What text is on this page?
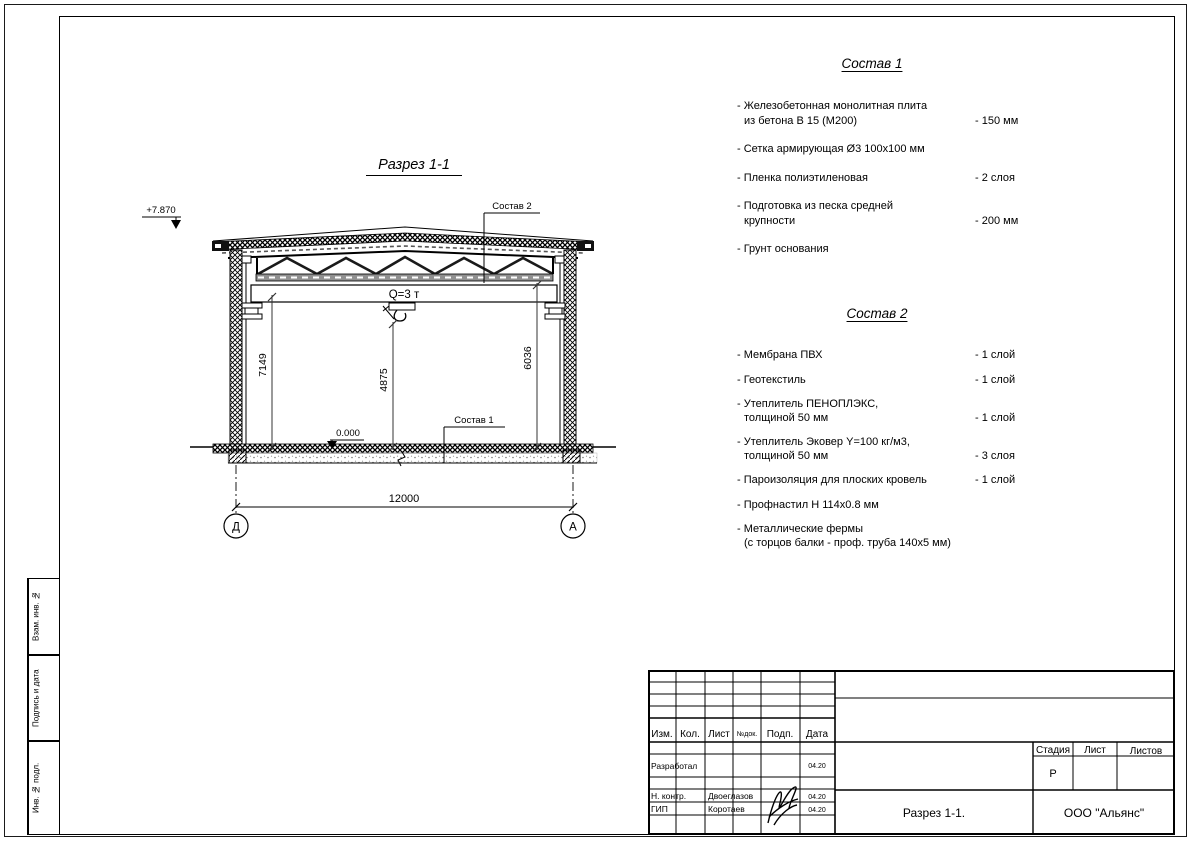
Взам. инв. №
Подпись и дата
Инв. № подл.
Q=3 т
Состав 2
Состав 1
+7.870
0.000
7149
4875
6036
12000
Д	А
Разрез 1-1
Состав 1
- Железобетонная монолитная плита
из бетона В 15 (М200)	- 150 мм
- Сетка армирующая Ø3 100х100 мм
- Пленка полиэтиленовая	- 2 слоя
- Подготовка из песка средней
крупности	- 200 мм
- Грунт основания
Состав 2
- Мембрана ПВХ	- 1 слой
- Геотекстиль	- 1 слой
- Утеплитель ПЕНОПЛЭКС,
толщиной 50 мм	- 1 слой
- Утеплитель Эковер Y=100 кг/м3,
толщиной 50 мм	- 3 слоя
- Пароизоляция для плоских кровель	- 1 слой
- Профнастил Н 114х0.8 мм
- Металлические фермы
(с торцов балки - проф. труба 140х5 мм)
Изм. Кол. Лист №док. Подп. Дата
Разработал	04.20
Н. контр.	Двоеглазов	04.20
ГИП	Коротаев	04.20
Стадия Лист Листов
Р
Разрез 1-1.	ООО "Альянс"
